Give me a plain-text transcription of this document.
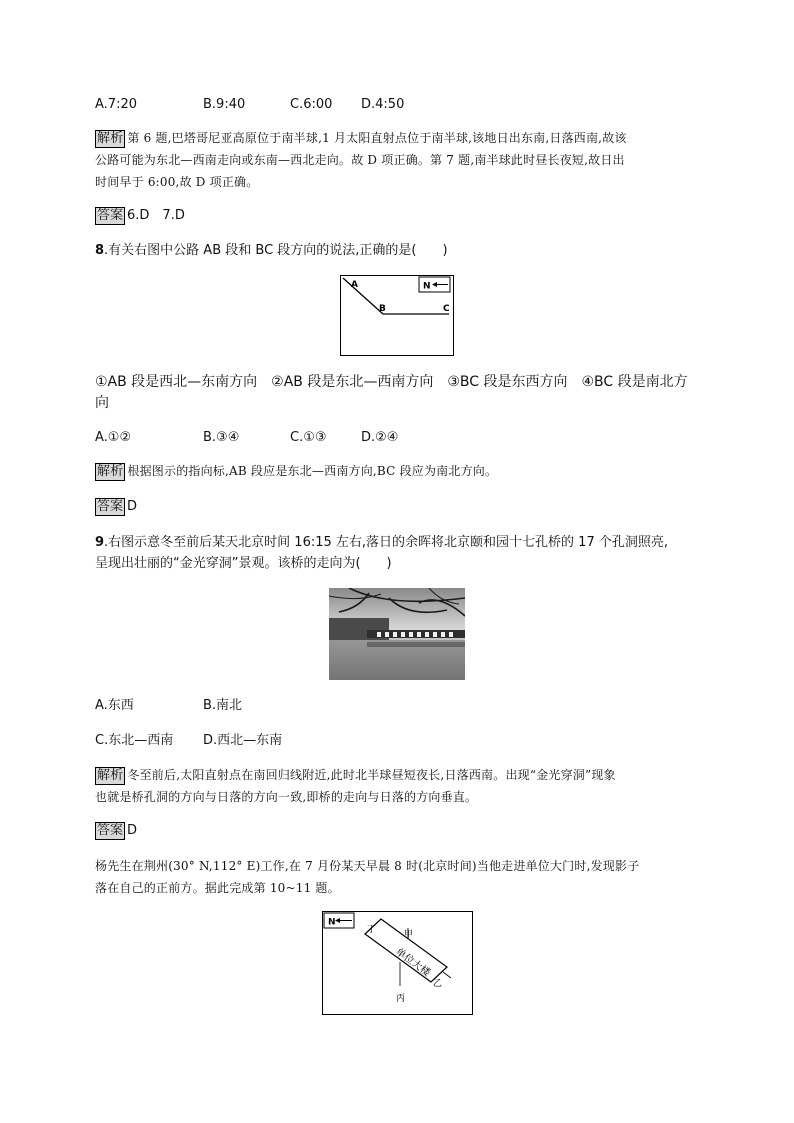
A.7:20	B.9:40	C.6:00 D.4:50
解析 第 6 题,巴塔哥尼亚高原位于南半球,1 月太阳直射点位于南半球,该地日出东南,日落西南,故该
公路可能为东北—西南走向或东南—西北走向。故 D 项正确。第 7 题,南半球此时昼长夜短,故日出
时间早于 6:00,故 D 项正确。
答案 6.D　7.D
8.有关右图中公路 AB 段和 BC 段方向的说法,正确的是(　　)
N
A
B	C
①AB 段是西北—东南方向　②AB 段是东北—西南方向　③BC 段是东西方向　④BC 段是南北方
向
A.①②	B.③④	C.①③	D.②④
解析 根据图示的指向标,AB 段应是东北—西南方向,BC 段应为南北方向。
答案 D
9.右图示意冬至前后某天北京时间 16:15 左右,落日的余晖将北京颐和园十七孔桥的 17 个孔洞照亮,
呈现出壮丽的“金光穿洞”景观。该桥的走向为(　　)
A.东西	B.南北
C.东北—西南 D.西北—东南
解析 冬至前后,太阳直射点在南回归线附近,此时北半球昼短夜长,日落西南。出现“金光穿洞”现象
也就是桥孔洞的方向与日落的方向一致,即桥的走向与日落的方向垂直。
答案 D
杨先生在荆州(30° N,112° E)工作,在 7 月份某天早晨 8 时(北京时间)当他走进单位大门时,发现影子
落在自己的正前方。据此完成第 10~11 题。
N
单位大楼
甲
乙
丙
丁
